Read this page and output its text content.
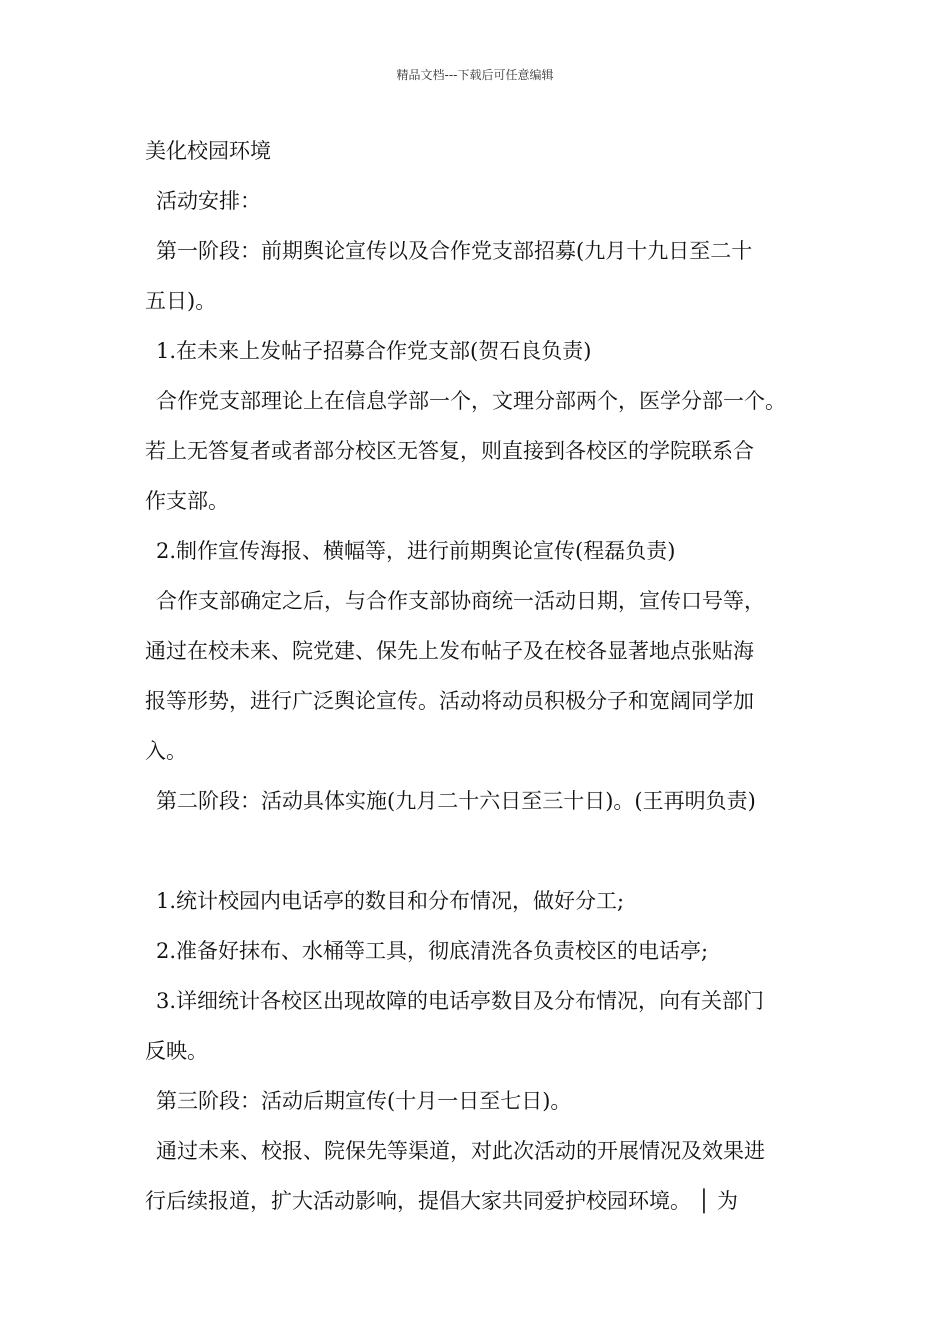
精品文档---下载后可任意编辑
美化校园环境
活动安排：
第一阶段：前期舆论宣传以及合作党支部招募(九月十九日至二十
五日)。
1.在未来上发帖子招募合作党支部(贺石良负责)
合作党支部理论上在信息学部一个，文理分部两个，医学分部一个。
若上无答复者或者部分校区无答复，则直接到各校区的学院联系合
作支部。
2.制作宣传海报、横幅等，进行前期舆论宣传(程磊负责)
合作支部确定之后，与合作支部协商统一活动日期，宣传口号等，
通过在校未来、院党建、保先上发布帖子及在校各显著地点张贴海
报等形势，进行广泛舆论宣传。活动将动员积极分子和宽阔同学加
入。
第二阶段：活动具体实施(九月二十六日至三十日)。(王再明负责)
1.统计校园内电话亭的数目和分布情况，做好分工;
2.准备好抹布、水桶等工具，彻底清洗各负责校区的电话亭;
3.详细统计各校区出现故障的电话亭数目及分布情况，向有关部门
反映。
第三阶段：活动后期宣传(十月一日至七日)。
通过未来、校报、院保先等渠道，对此次活动的开展情况及效果进
行后续报道，扩大活动影响，提倡大家共同爱护校园环境。 │ 为
